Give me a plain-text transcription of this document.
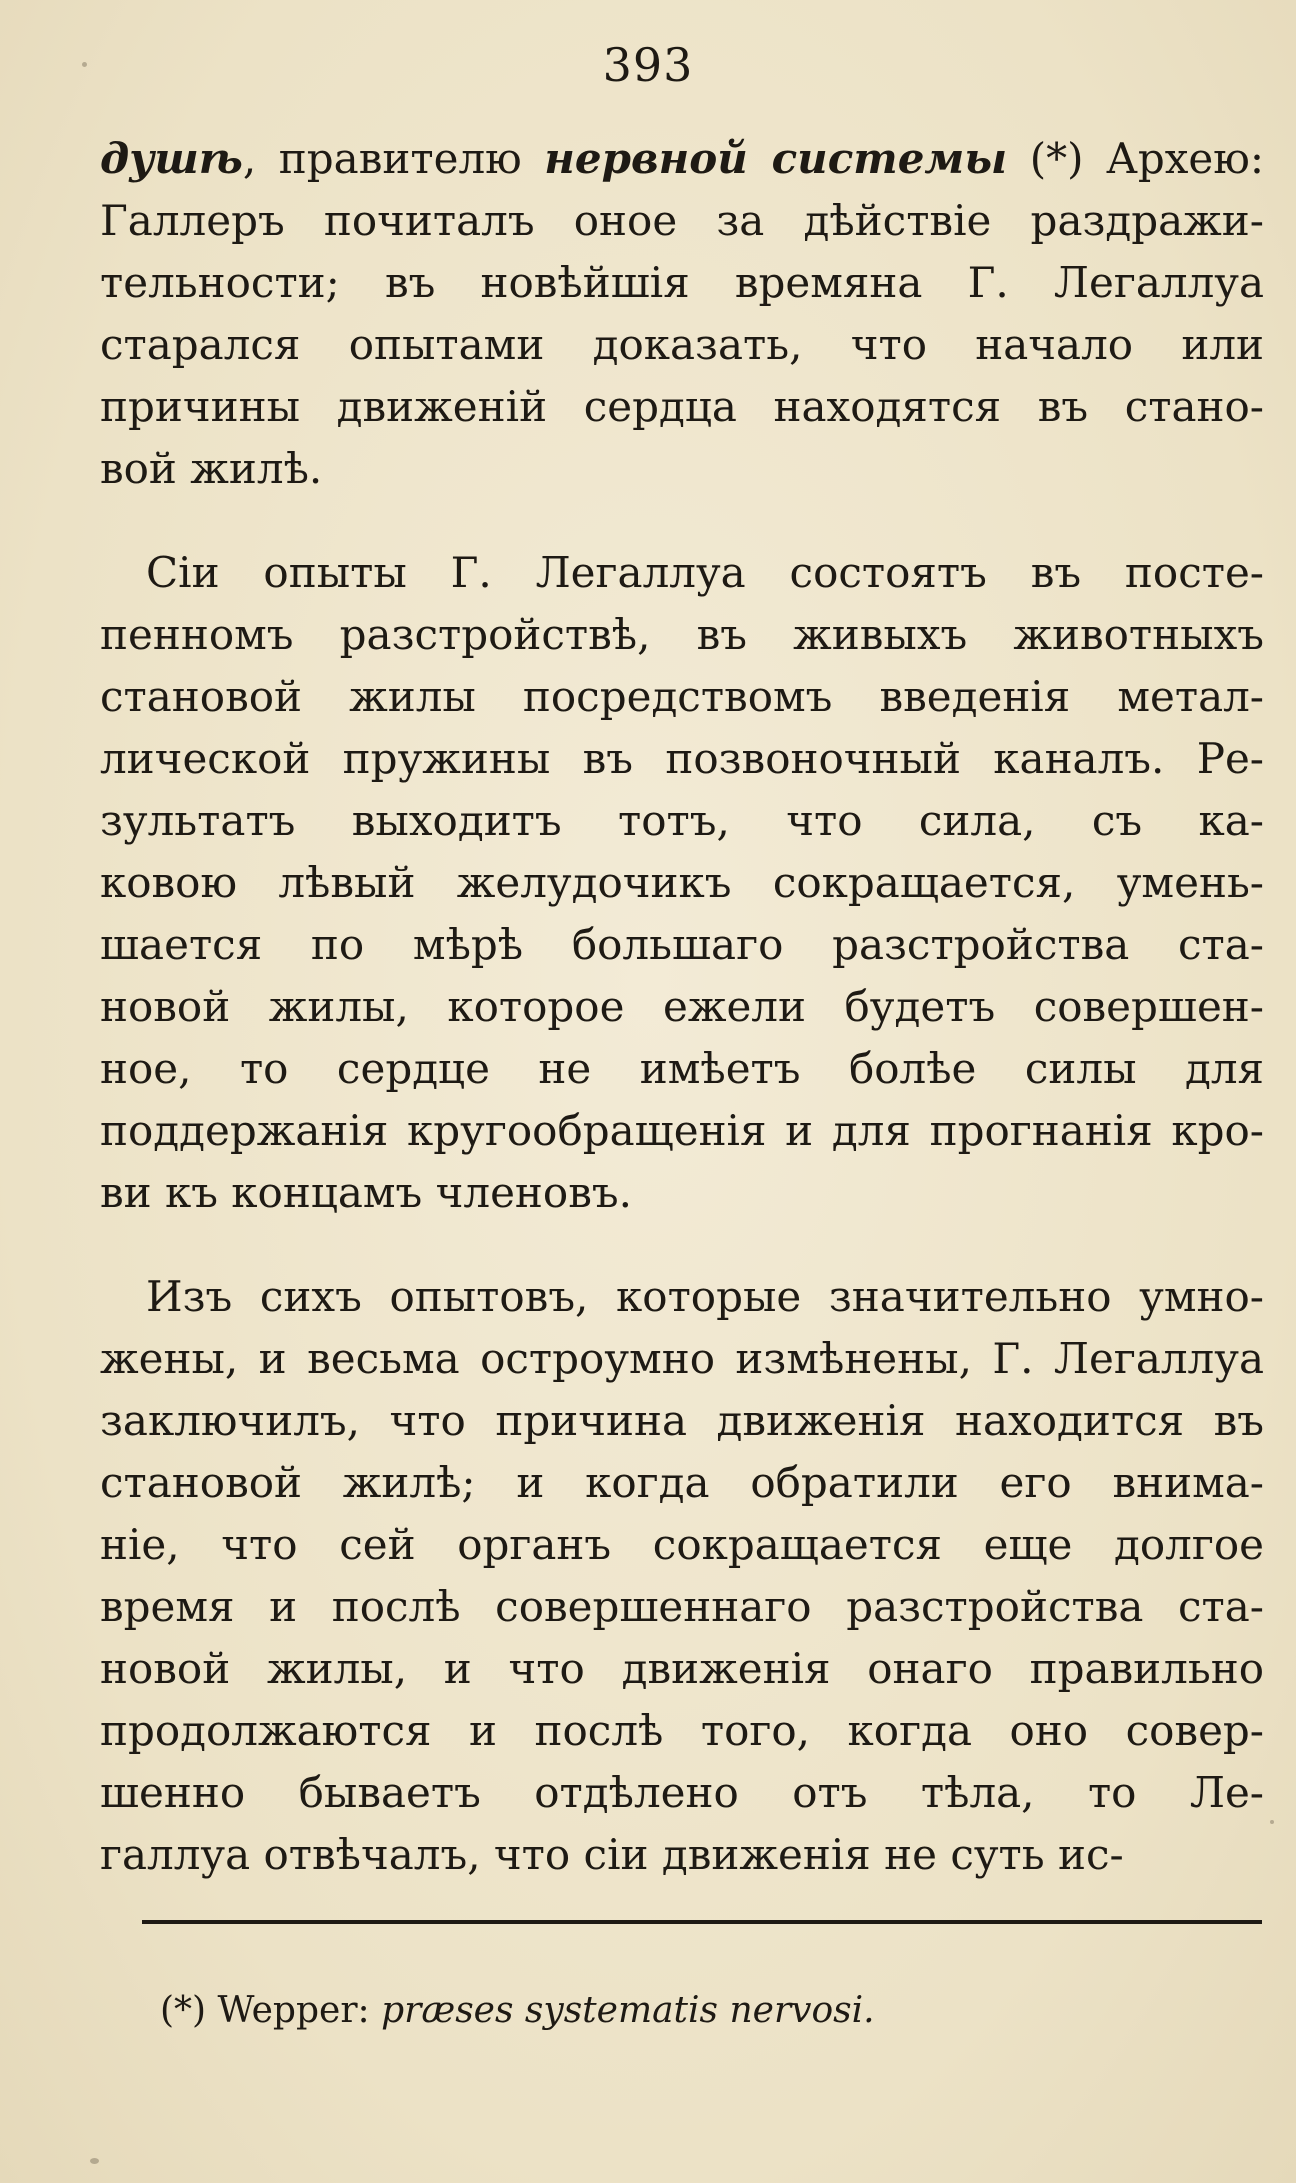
393
душѣ, правителю нервной системы (*) Архею:
Галлеръ почиталъ оное за дѣйствіе раздражи-
тельности; въ новѣйшія времяна Г. Легаллуа
старался опытами доказать, что начало или
причины движеній сердца находятся въ стано-
вой жилѣ.
Сіи опыты Г. Легаллуа состоятъ въ посте-
пенномъ разстройствѣ, въ живыхъ животныхъ
становой жилы посредствомъ введенія метал-
лической пружины въ позвоночный каналъ. Ре-
зультатъ выходитъ тотъ, что сила, съ ка-
ковою лѣвый желудочикъ сокращается, умень-
шается по мѣрѣ большаго разстройства ста-
новой жилы, которое ежели будетъ совершен-
ное, то сердце не имѣетъ болѣе силы для
поддержанія кругообращенія и для прогнанія кро-
ви къ концамъ членовъ.
Изъ сихъ опытовъ, которые значительно умно-
жены, и весьма остроумно измѣнены, Г. Легаллуа
заключилъ, что причина движенія находится въ
становой жилѣ; и когда обратили его внима-
ніе, что сей органъ сокращается еще долгое
время и послѣ совершеннаго разстройства ста-
новой жилы, и что движенія онаго правильно
продолжаются и послѣ того, когда оно совер-
шенно бываетъ отдѣлено отъ тѣла, то Ле-
галлуа отвѣчалъ, что сіи движенія не суть ис-
(*) Wepper: præses systematis nervosi.
